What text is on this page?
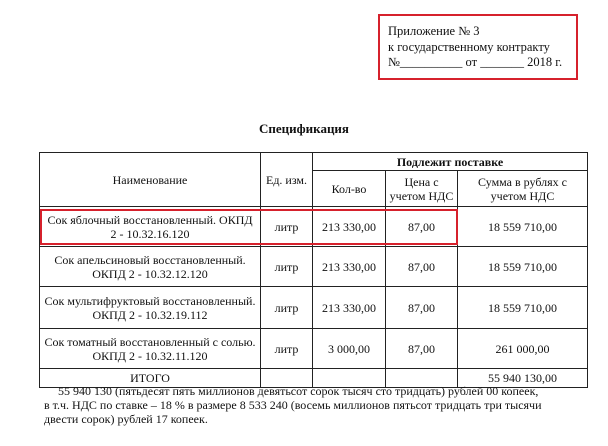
Приложение № 3
к государственному контракту
№__________ от _______ 2018 г.
Спецификация
Наименование	Ед. изм.	Подлежит поставке		
		Кол-во	Цена с учетом НДС	Сумма в рублях с учетом НДС
Сок яблочный восстановленный. ОКПД 2 - 10.32.16.120	литр	213 330,00	87,00	18 559 710,00
Сок апельсиновый восстановленный. ОКПД 2 - 10.32.12.120	литр	213 330,00	87,00	18 559 710,00
Сок мультифруктовый восстановленный. ОКПД 2 - 10.32.19.112	литр	213 330,00	87,00	18 559 710,00
Сок томатный восстановленный с солью. ОКПД 2 - 10.32.11.120	литр	3 000,00	87,00	261 000,00
ИТОГО				55 940 130,00
55 940 130 (пятьдесят пять миллионов девятьсот сорок тысяч сто тридцать) рублей 00 копеек,
в т.ч. НДС по ставке – 18 % в размере 8 533 240 (восемь миллионов пятьсот тридцать три тысячи
двести сорок) рублей 17 копеек.
